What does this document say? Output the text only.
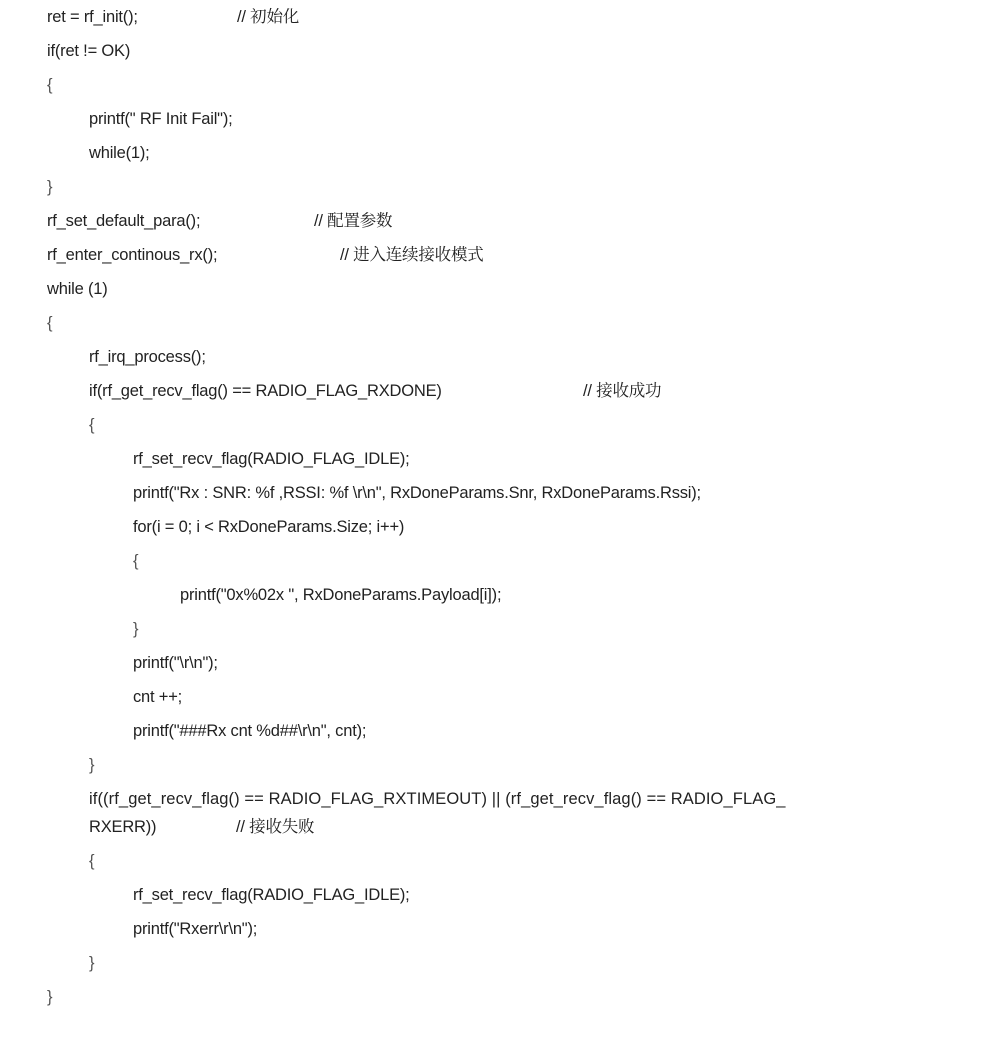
ret = rf_init();

	// 初始化

if(ret != OK)

{

printf(" RF Init Fail");

while(1);

}

rf_set_default_para();

	// 配置参数

rf_enter_continous_rx();

	// 进入连续接收模式

while (1)

{

rf_irq_process();

if(rf_get_recv_flag() == RADIO_FLAG_RXDONE)

	// 接收成功

{

rf_set_recv_flag(RADIO_FLAG_IDLE);

printf("Rx : SNR: %f ,RSSI: %f \r\n", RxDoneParams.Snr, RxDoneParams.Rssi);

for(i = 0; i < RxDoneParams.Size; i++)

{

printf("0x%02x ", RxDoneParams.Payload[i]);

}

printf("\r\n");

cnt ++;

printf("###Rx cnt %d##\r\n", cnt);

}

if((rf_get_recv_flag() == RADIO_FLAG_RXTIMEOUT) || (rf_get_recv_flag() == RADIO_FLAG_

RXERR))

	// 接收失败

{

rf_set_recv_flag(RADIO_FLAG_IDLE);

printf("Rxerr\r\n");

}

}
